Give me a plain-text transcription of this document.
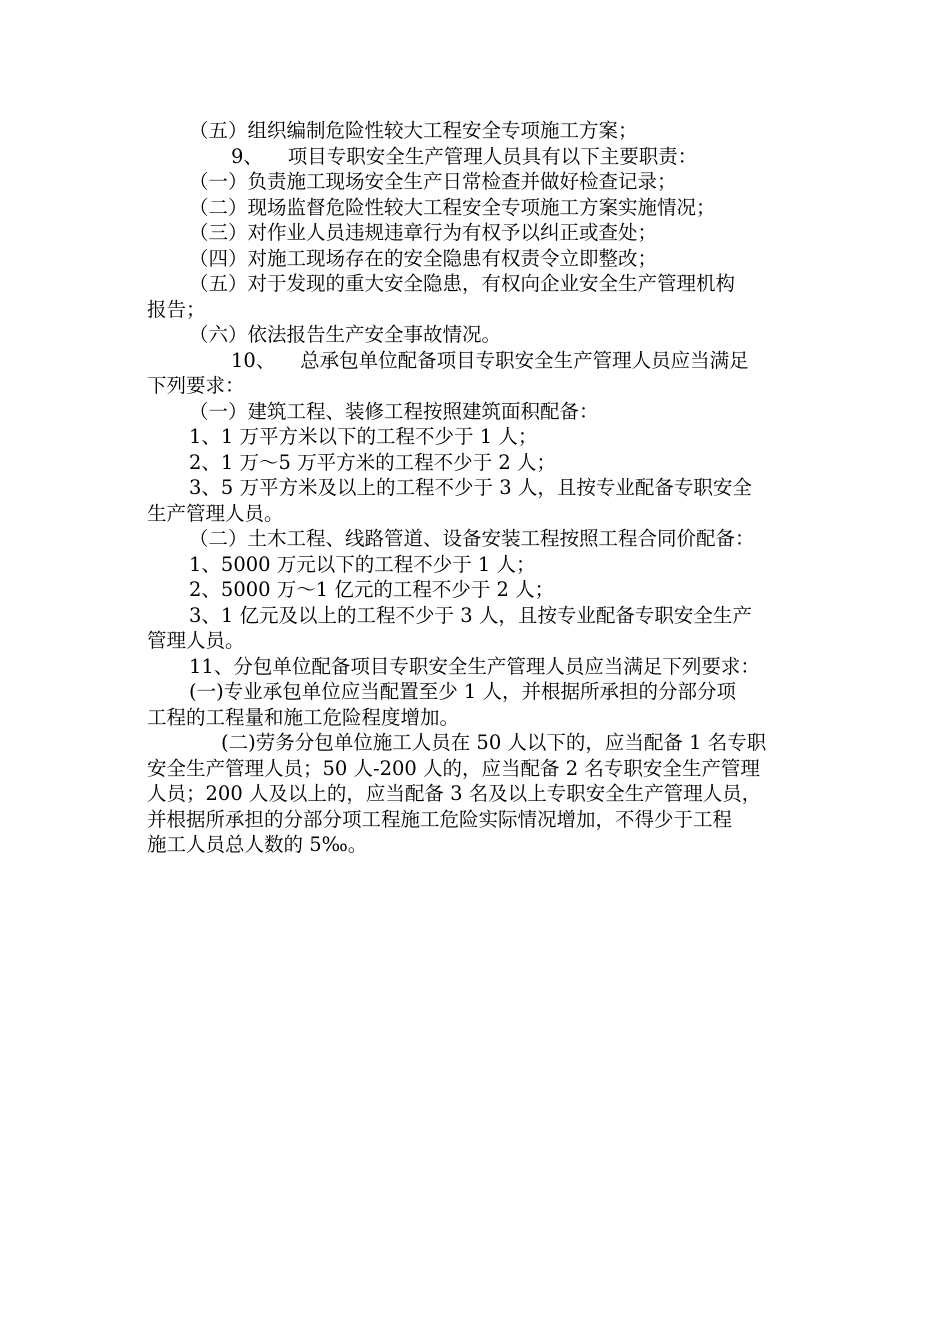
（五）组织编制危险性较大工程安全专项施工方案；

9、    项目专职安全生产管理人员具有以下主要职责：

（一）负责施工现场安全生产日常检查并做好检查记录；

（二）现场监督危险性较大工程安全专项施工方案实施情况；

（三）对作业人员违规违章行为有权予以纠正或查处；

（四）对施工现场存在的安全隐患有权责令立即整改；

（五）对于发现的重大安全隐患，有权向企业安全生产管理机构

报告；

（六）依法报告生产安全事故情况。

10、    总承包单位配备项目专职安全生产管理人员应当满足

下列要求：

（一）建筑工程、装修工程按照建筑面积配备：

1、1 万平方米以下的工程不少于 1 人；

2、1 万～5 万平方米的工程不少于 2 人；

3、5 万平方米及以上的工程不少于 3 人，且按专业配备专职安全

生产管理人员。

（二）土木工程、线路管道、设备安装工程按照工程合同价配备：

1、5000 万元以下的工程不少于 1 人；

2、5000 万～1 亿元的工程不少于 2 人；

3、1 亿元及以上的工程不少于 3 人，且按专业配备专职安全生产

管理人员。

11、分包单位配备项目专职安全生产管理人员应当满足下列要求：

(一)专业承包单位应当配置至少 1 人，并根据所承担的分部分项

工程的工程量和施工危险程度增加。

(二)劳务分包单位施工人员在 50 人以下的，应当配备 1 名专职

安全生产管理人员；50 人-200 人的，应当配备 2 名专职安全生产管理

人员；200 人及以上的，应当配备 3 名及以上专职安全生产管理人员，

并根据所承担的分部分项工程施工危险实际情况增加，不得少于工程

施工人员总人数的 5‰。
